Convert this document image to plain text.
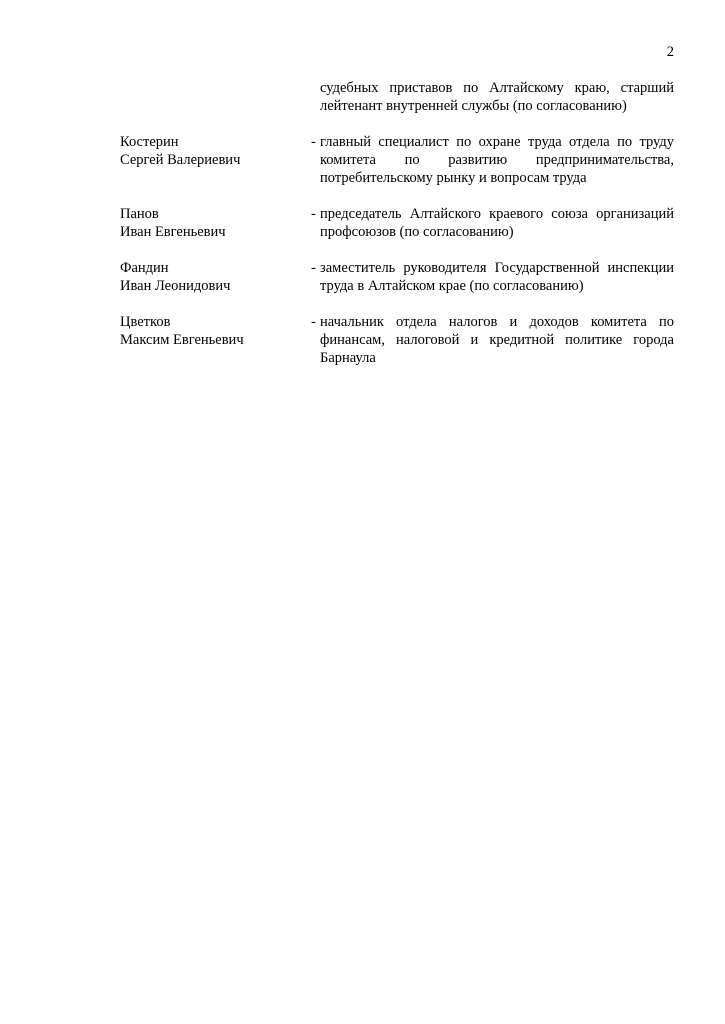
2
судебных приставов по Алтайскому краю, старший лейтенант внутренней службы (по согласованию)
Костерин
Сергей Валериевич
- главный специалист по охране труда отдела по труду комитета по развитию предпринимательства, потребительскому рынку и вопросам труда
Панов
Иван Евгеньевич
- председатель Алтайского краевого союза организаций профсоюзов (по согласованию)
Фандин
Иван Леонидович
- заместитель руководителя Государственной инспекции труда в Алтайском крае (по согласованию)
Цветков
Максим Евгеньевич
- начальник отдела налогов и доходов комитета по финансам, налоговой и кредитной политике города Барнаула
